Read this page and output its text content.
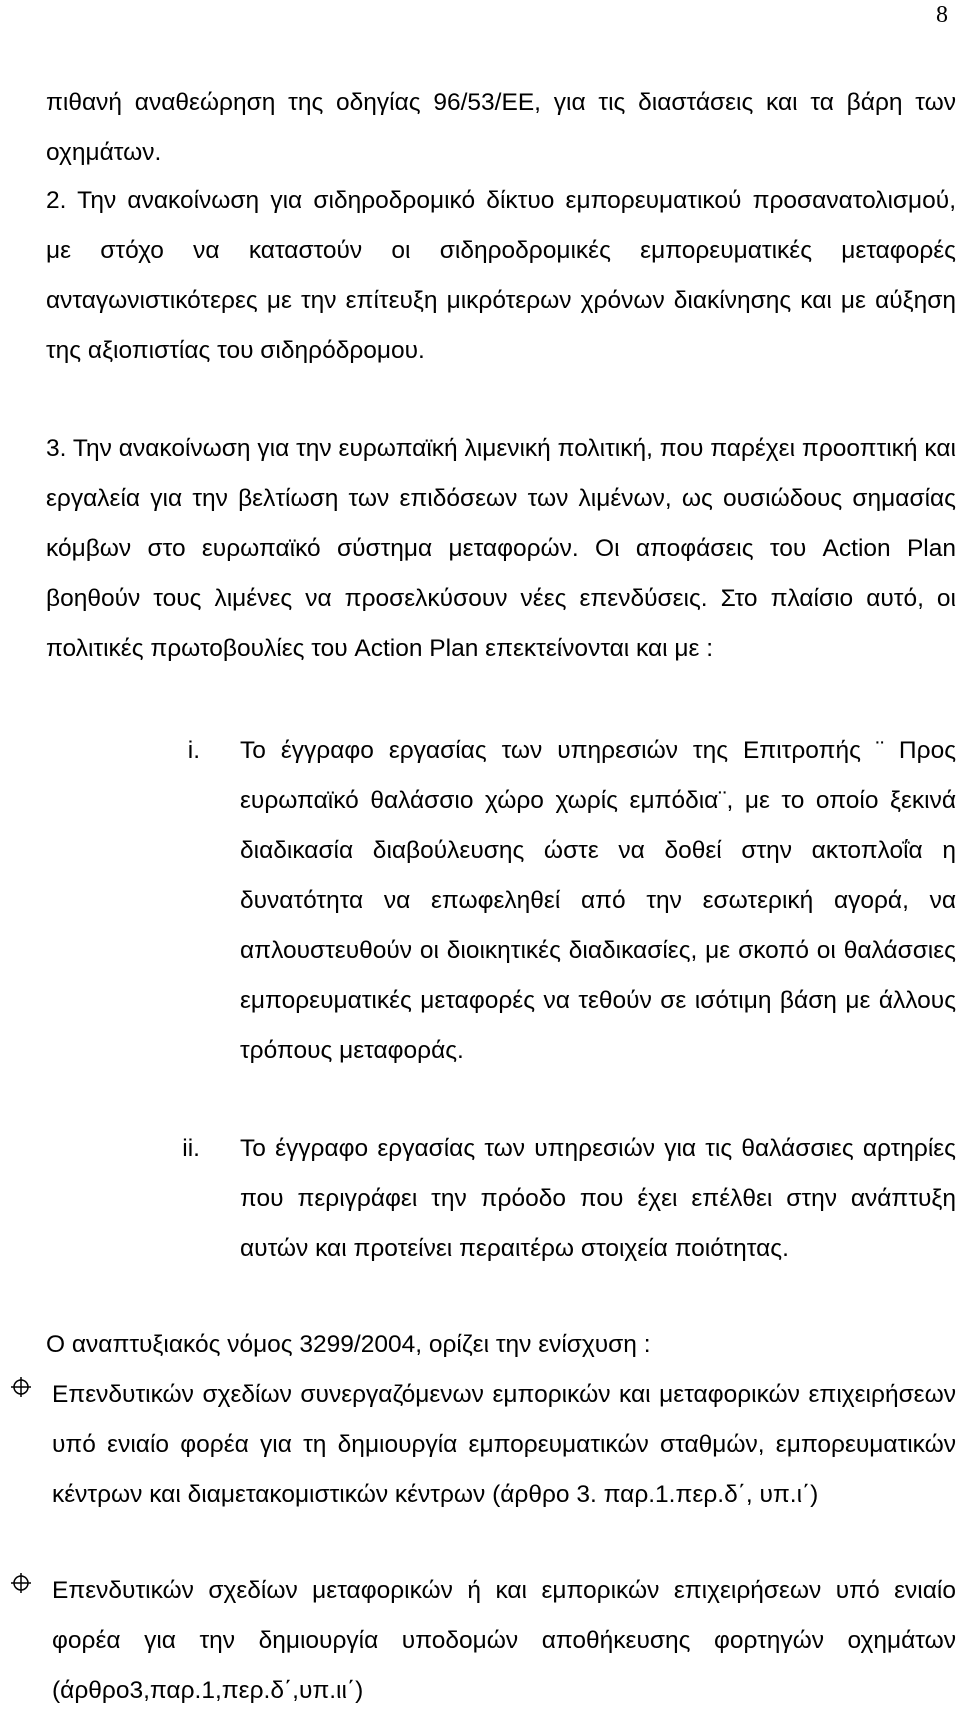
8
πιθανή αναθεώρηση της οδηγίας 96/53/ΕΕ, για τις διαστάσεις και τα βάρη των οχημάτων.
2. Την ανακοίνωση για σιδηροδρομικό δίκτυο εμπορευματικού προσανατολισμού, με στόχο να καταστούν οι σιδηροδρομικές εμπορευματικές μεταφορές ανταγωνιστικότερες με την επίτευξη μικρότερων χρόνων διακίνησης και με αύξηση της αξιοπιστίας του σιδηρόδρομου.
3. Την ανακοίνωση για την ευρωπαϊκή λιμενική πολιτική, που παρέχει προοπτική και εργαλεία για την βελτίωση των επιδόσεων των λιμένων, ως ουσιώδους σημασίας κόμβων στο ευρωπαϊκό σύστημα μεταφορών. Οι αποφάσεις του Action Plan βοηθούν τους λιμένες να προσελκύσουν νέες επενδύσεις. Στο πλαίσιο αυτό, οι πολιτικές πρωτοβουλίες του Action Plan επεκτείνονται και με :
i. Το έγγραφο εργασίας των υπηρεσιών της Επιτροπής ¨ Προς ευρωπαϊκό θαλάσσιο χώρο χωρίς εμπόδια¨, με το οποίο ξεκινά διαδικασία διαβούλευσης ώστε να δοθεί στην ακτοπλοΐα η δυνατότητα να επωφεληθεί από την εσωτερική αγορά, να απλουστευθούν οι διοικητικές διαδικασίες, με σκοπό οι θαλάσσιες εμπορευματικές μεταφορές να τεθούν σε ισότιμη βάση με άλλους τρόπους μεταφοράς.
ii. Το έγγραφο εργασίας των υπηρεσιών για τις θαλάσσιες αρτηρίες που περιγράφει την πρόοδο που έχει επέλθει στην ανάπτυξη αυτών και προτείνει περαιτέρω στοιχεία ποιότητας.
Ο αναπτυξιακός νόμος 3299/2004, ορίζει την ενίσχυση :
Επενδυτικών σχεδίων συνεργαζόμενων εμπορικών και μεταφορικών επιχειρήσεων υπό ενιαίο φορέα για τη δημιουργία εμπορευματικών σταθμών, εμπορευματικών κέντρων και διαμετακομιστικών κέντρων (άρθρο 3. παρ.1.περ.δ΄, υπ.ι΄)
Επενδυτικών σχεδίων μεταφορικών ή και εμπορικών επιχειρήσεων υπό ενιαίο φορέα για την δημιουργία υποδομών αποθήκευσης φορτηγών οχημάτων (άρθρο3,παρ.1,περ.δ΄,υπ.ιι΄)
